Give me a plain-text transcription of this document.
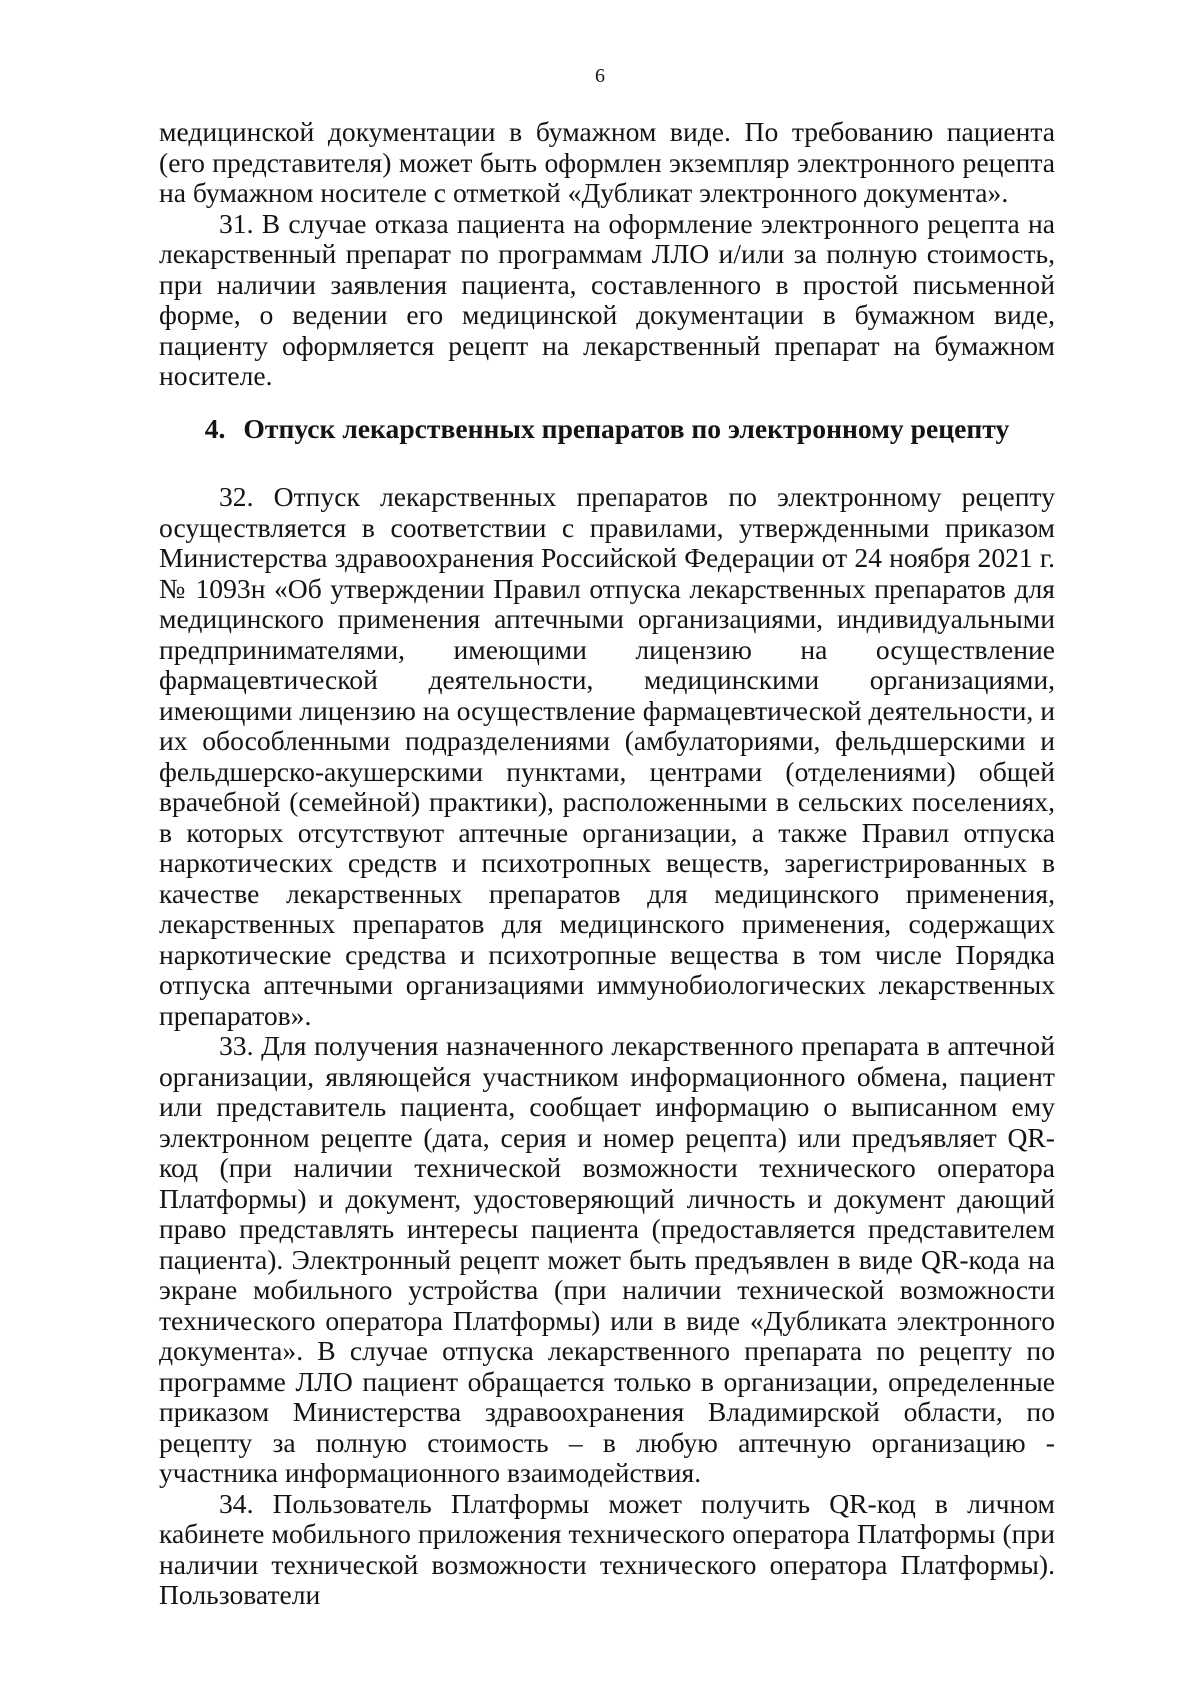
6

медицинской документации в бумажном виде. По требованию пациента (его представителя) может быть оформлен экземпляр электронного рецепта на бумажном носителе с отметкой «Дубликат электронного документа».

31. В случае отказа пациента на оформление электронного рецепта на лекарственный препарат по программам ЛЛО и/или за полную стоимость, при наличии заявления пациента, составленного в простой письменной форме, о ведении его медицинской документации в бумажном виде, пациенту оформляется рецепт на лекарственный препарат на бумажном носителе.

4. Отпуск лекарственных препаратов по электронному рецепту

32. Отпуск лекарственных препаратов по электронному рецепту осуществляется в соответствии с правилами, утвержденными приказом Министерства здравоохранения Российской Федерации от 24 ноября 2021 г. № 1093н «Об утверждении Правил отпуска лекарственных препаратов для медицинского применения аптечными организациями, индивидуальными предпринимателями, имеющими лицензию на осуществление фармацевтической деятельности, медицинскими организациями, имеющими лицензию на осуществление фармацевтической деятельности, и их обособленными подразделениями (амбулаториями, фельдшерскими и фельдшерско-акушерскими пунктами, центрами (отделениями) общей врачебной (семейной) практики), расположенными в сельских поселениях, в которых отсутствуют аптечные организации, а также Правил отпуска наркотических средств и психотропных веществ, зарегистрированных в качестве лекарственных препаратов для медицинского применения, лекарственных препаратов для медицинского применения, содержащих наркотические средства и психотропные вещества в том числе Порядка отпуска аптечными организациями иммунобиологических лекарственных препаратов».

33. Для получения назначенного лекарственного препарата в аптечной организации, являющейся участником информационного обмена, пациент или представитель пациента, сообщает информацию о выписанном ему электронном рецепте (дата, серия и номер рецепта) или предъявляет QR-код (при наличии технической возможности технического оператора Платформы) и документ, удостоверяющий личность и документ дающий право представлять интересы пациента (предоставляется представителем пациента). Электронный рецепт может быть предъявлен в виде QR-кода на экране мобильного устройства (при наличии технической возможности технического оператора Платформы) или в виде «Дубликата электронного документа». В случае отпуска лекарственного препарата по рецепту по программе ЛЛО пациент обращается только в организации, определенные приказом Министерства здравоохранения Владимирской области, по рецепту за полную стоимость – в любую аптечную организацию - участника информационного взаимодействия.

34. Пользователь Платформы может получить QR-код в личном кабинете мобильного приложения технического оператора Платформы (при наличии технической возможности технического оператора Платформы). Пользователи
